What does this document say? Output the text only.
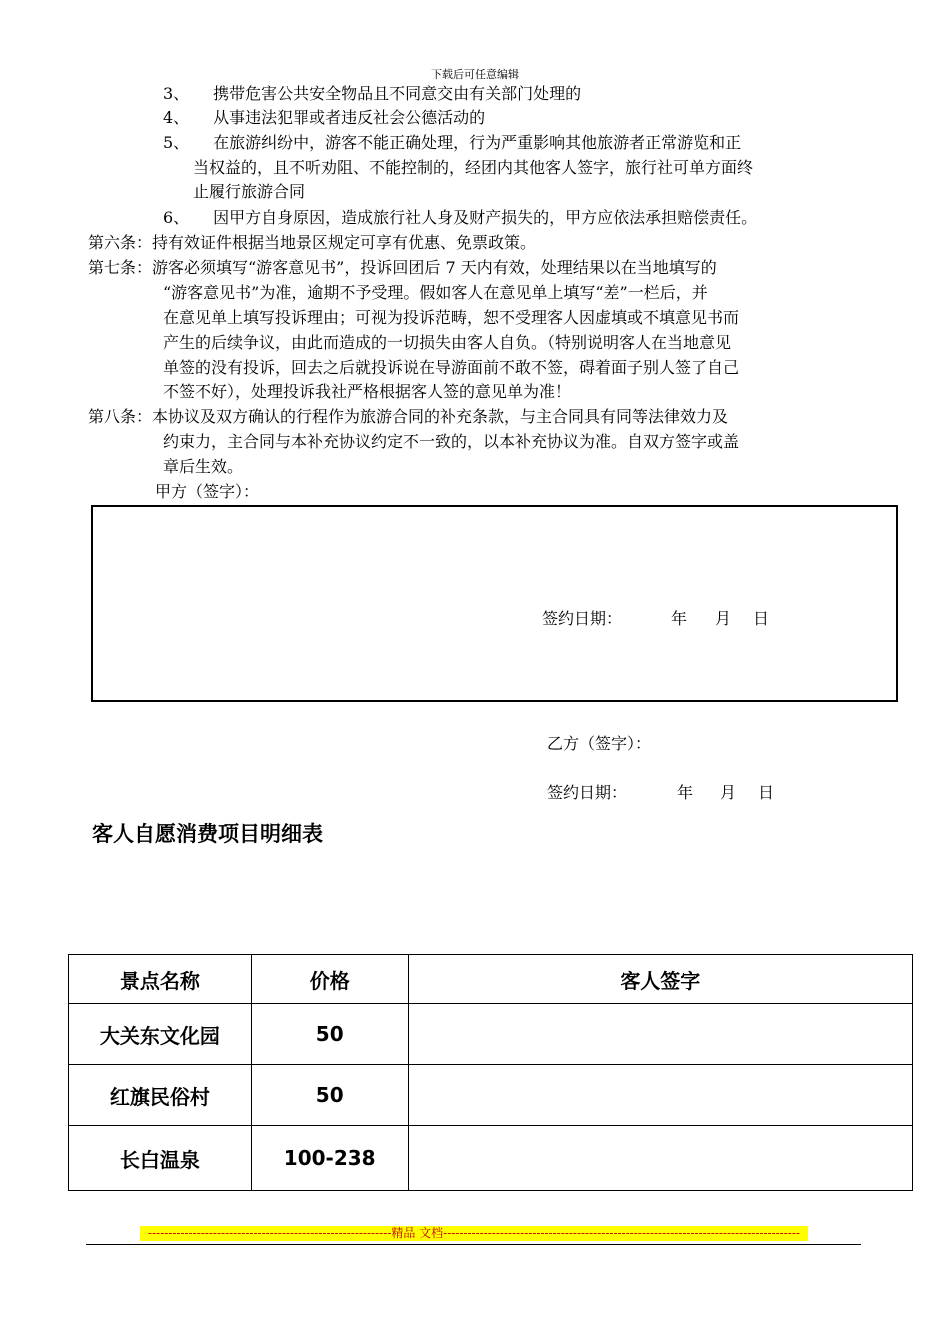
下载后可任意编辑
3、　　携带危害公共安全物品且不同意交由有关部门处理的
4、　　从事违法犯罪或者违反社会公德活动的
5、　　在旅游纠纷中，游客不能正确处理，行为严重影响其他旅游者正常游览和正
当权益的，且不听劝阻、不能控制的，经团内其他客人签字，旅行社可单方面终
止履行旅游合同
6、　　因甲方自身原因，造成旅行社人身及财产损失的，甲方应依法承担赔偿责任。
第六条：持有效证件根据当地景区规定可享有优惠、免票政策。
第七条：游客必须填写“游客意见书”，投诉回团后 7 天内有效，处理结果以在当地填写的
“游客意见书”为准，逾期不予受理。假如客人在意见单上填写“差”一栏后，并
在意见单上填写投诉理由；可视为投诉范畴，恕不受理客人因虚填或不填意见书而
产生的后续争议，由此而造成的一切损失由客人自负。（特别说明客人在当地意见
单签的没有投诉，回去之后就投诉说在导游面前不敢不签，碍着面子别人签了自己
不签不好），处理投诉我社严格根据客人签的意见单为准！
第八条：本协议及双方确认的行程作为旅游合同的补充条款，与主合同具有同等法律效力及
约束力，主合同与本补充协议约定不一致的，以本补充协议为准。自双方签字或盖
章后生效。
甲方（签字）：
签约日期：	年 月 日
乙方（签字）：
签约日期：	年 月 日
客人自愿消费项目明细表
景点名称	价格	客人签字
大关东文化园	50	
红旗民俗村	50	
长白温泉	100-238	
------------------------------------------------------------精品 文档----------------------------------------------------------------------------------------
